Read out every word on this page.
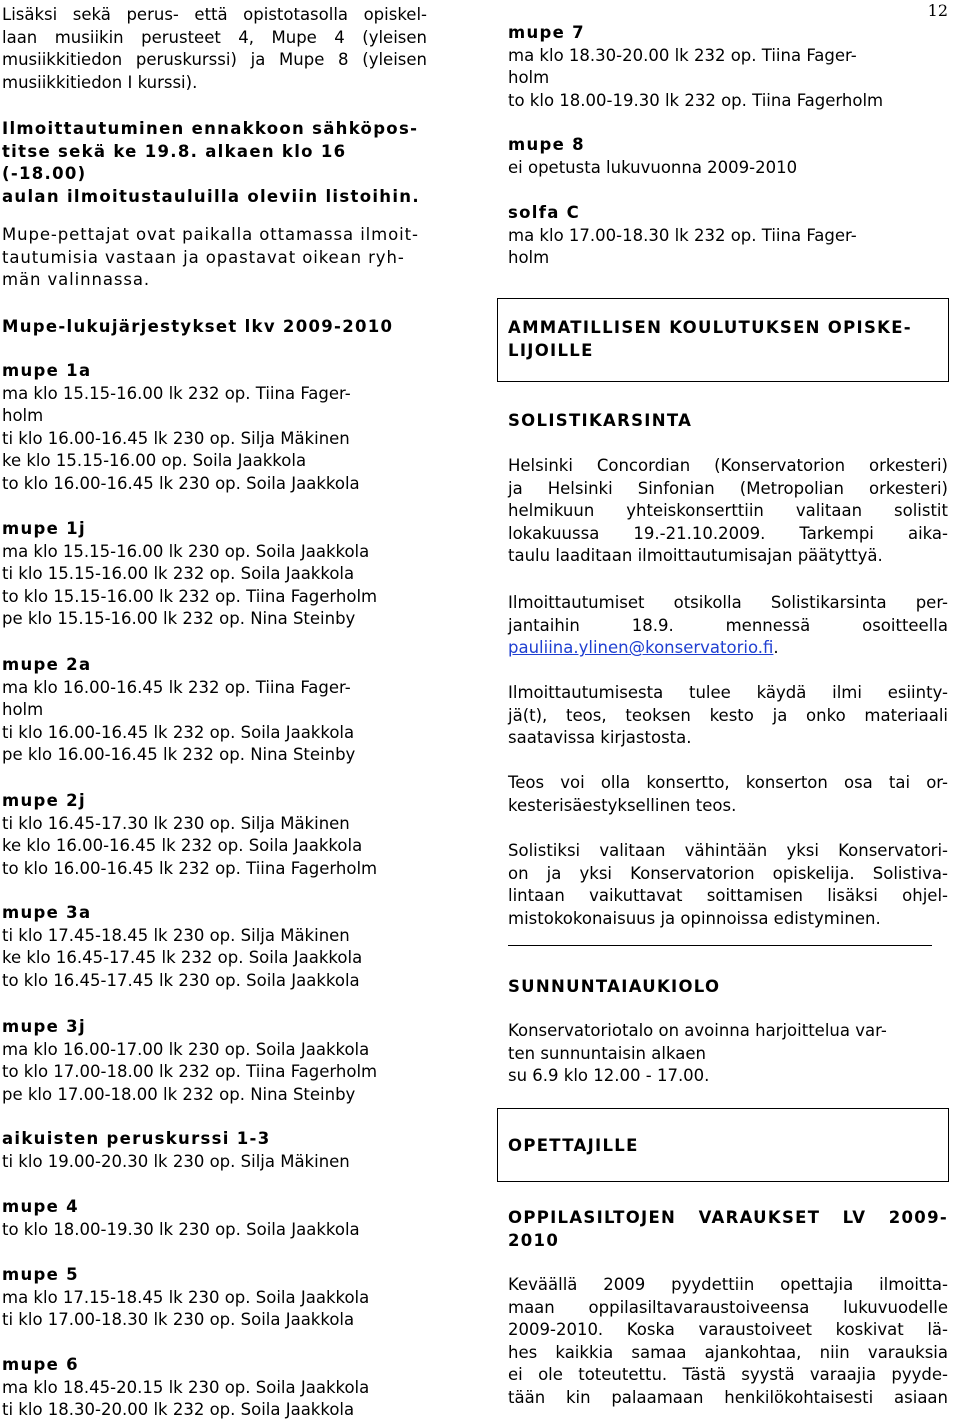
12
Lisäksi sekä perus- että opistotasolla opiskel-
laan musiikin perusteet 4, Mupe 4 (yleisen
musiikkitiedon peruskurssi) ja Mupe 8 (yleisen
musiikkitiedon I kurssi).
Ilmoittautuminen ennakkoon sähköpos-
titse sekä ke 19.8. alkaen klo 16 (-18.00)
aulan ilmoitustauluilla oleviin listoihin.
Mupe-pettajat ovat paikalla ottamassa ilmoit-
tautumisia vastaan ja opastavat oikean ryh-
män valinnassa.
Mupe-lukujärjestykset lkv 2009-2010
mupe 1a
ma klo 15.15-16.00 lk 232 op. Tiina Fager-
holm
ti klo 16.00-16.45 lk 230 op. Silja Mäkinen
ke klo 15.15-16.00 op. Soila Jaakkola
to klo 16.00-16.45 lk 230 op. Soila Jaakkola
mupe 1j
ma klo 15.15-16.00 lk 230 op. Soila Jaakkola
ti klo 15.15-16.00 lk 232 op. Soila Jaakkola
to klo 15.15-16.00 lk 232 op. Tiina Fagerholm
pe klo 15.15-16.00 lk 232 op. Nina Steinby
mupe 2a
ma klo 16.00-16.45 lk 232 op. Tiina Fager-
holm
ti klo 16.00-16.45 lk 232 op. Soila Jaakkola
pe klo 16.00-16.45 lk 232 op. Nina Steinby
mupe 2j
ti klo 16.45-17.30 lk 230 op. Silja Mäkinen
ke klo 16.00-16.45 lk 232 op. Soila Jaakkola
to klo 16.00-16.45 lk 232 op. Tiina Fagerholm
mupe 3a
ti klo 17.45-18.45 lk 230 op. Silja Mäkinen
ke klo 16.45-17.45 lk 232 op. Soila Jaakkola
to klo 16.45-17.45 lk 230 op. Soila Jaakkola
mupe 3j
ma klo 16.00-17.00 lk 230 op. Soila Jaakkola
to klo 17.00-18.00 lk 232 op. Tiina Fagerholm
pe klo 17.00-18.00 lk 232 op. Nina Steinby
aikuisten peruskurssi 1-3
ti klo 19.00-20.30 lk 230 op. Silja Mäkinen
mupe 4
to klo 18.00-19.30 lk 230 op. Soila Jaakkola
mupe 5
ma klo 17.15-18.45 lk 230 op. Soila Jaakkola
ti klo 17.00-18.30 lk 230 op. Soila Jaakkola
mupe 6
ma klo 18.45-20.15 lk 230 op. Soila Jaakkola
ti klo 18.30-20.00 lk 232 op. Soila Jaakkola
mupe 7
ma klo 18.30-20.00 lk 232 op. Tiina Fager-
holm
to klo 18.00-19.30 lk 232 op. Tiina Fagerholm
mupe 8
ei opetusta lukuvuonna 2009-2010
solfa C
ma klo 17.00-18.30 lk 232 op. Tiina Fager-
holm
AMMATILLISEN KOULUTUKSEN OPISKE-
LIJOILLE
SOLISTIKARSINTA
Helsinki Concordian (Konservatorion orkesteri)
ja Helsinki Sinfonian (Metropolian orkesteri)
helmikuun yhteiskonserttiin valitaan solistit
lokakuussa 19.-21.10.2009. Tarkempi aika-
taulu laaditaan ilmoittautumisajan päätyttyä.
Ilmoittautumiset otsikolla Solistikarsinta per-
jantaihin 18.9. mennessä osoitteella
pauliina.ylinen@konservatorio.fi.
Ilmoittautumisesta tulee käydä ilmi esiinty-
jä(t), teos, teoksen kesto ja onko materiaali
saatavissa kirjastosta.
Teos voi olla konsertto, konserton osa tai or-
kesterisäestyksellinen teos.
Solistiksi valitaan vähintään yksi Konservatori-
on ja yksi Konservatorion opiskelija. Solistiva-
lintaan vaikuttavat soittamisen lisäksi ohjel-
mistokokonaisuus ja opinnoissa edistyminen.
SUNNUNTAIAUKIOLO
Konservatoriotalo on avoinna harjoittelua var-
ten sunnuntaisin alkaen
su 6.9 klo 12.00 - 17.00.
OPETTAJILLE
OPPILASILTOJEN VARAUKSET LV 2009-
2010
Keväällä 2009 pyydettiin opettajia ilmoitta-
maan oppilasiltavaraustoiveensa lukuvuodelle
2009-2010. Koska varaustoiveet koskivat lä-
hes kaikkia samaa ajankohtaa, niin varauksia
ei ole toteutettu. Tästä syystä varaajia pyyde-
tään kin palaamaan henkilökohtaisesti asiaan
